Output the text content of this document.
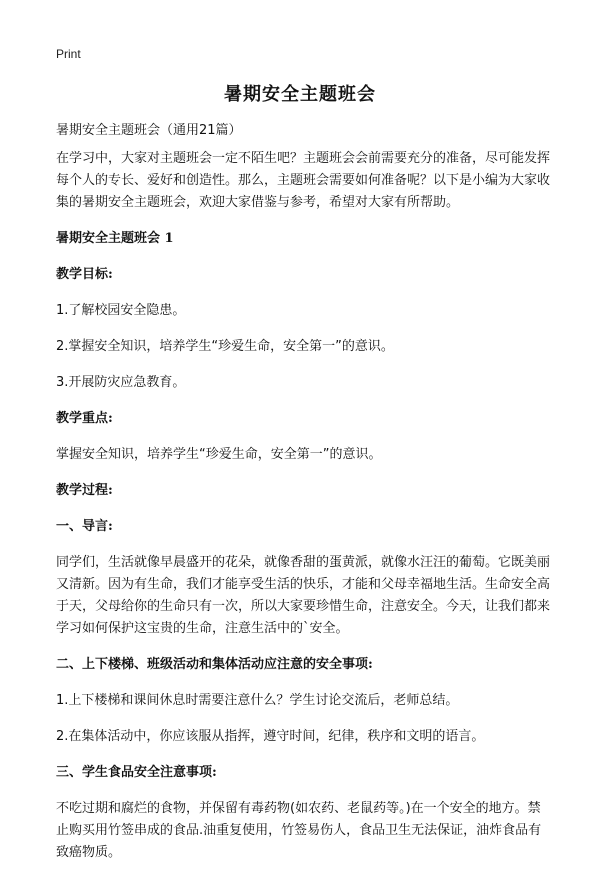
Print
暑期安全主题班会

暑期安全主题班会（通用21篇）

在学习中，大家对主题班会一定不陌生吧？主题班会会前需要充分的准备，尽可能发挥每个人的专长、爱好和创造性。那么，主题班会需要如何准备呢？以下是小编为大家收集的暑期安全主题班会，欢迎大家借鉴与参考，希望对大家有所帮助。

暑期安全主题班会 1
教学目标:

1.了解校园安全隐患。

2.掌握安全知识，培养学生“珍爱生命，安全第一”的意识。

3.开展防灾应急教育。

教学重点:

掌握安全知识，培养学生“珍爱生命，安全第一”的意识。

教学过程:
一、导言:

同学们，生活就像早晨盛开的花朵，就像香甜的蛋黄派，就像水汪汪的葡萄。它既美丽又清新。因为有生命，我们才能享受生活的快乐，才能和父母幸福地生活。生命安全高于天，父母给你的生命只有一次，所以大家要珍惜生命，注意安全。今天，让我们都来学习如何保护这宝贵的生命，注意生活中的`安全。

二、上下楼梯、班级活动和集体活动应注意的安全事项:

1.上下楼梯和课间休息时需要注意什么？学生讨论交流后，老师总结。

2.在集体活动中，你应该服从指挥，遵守时间，纪律，秩序和文明的语言。

三、学生食品安全注意事项:

不吃过期和腐烂的食物，并保留有毒药物(如农药、老鼠药等。)在一个安全的地方。禁止购买用竹签串成的食品.油重复使用，竹签易伤人，食品卫生无法保证，油炸食品有致癌物质。
